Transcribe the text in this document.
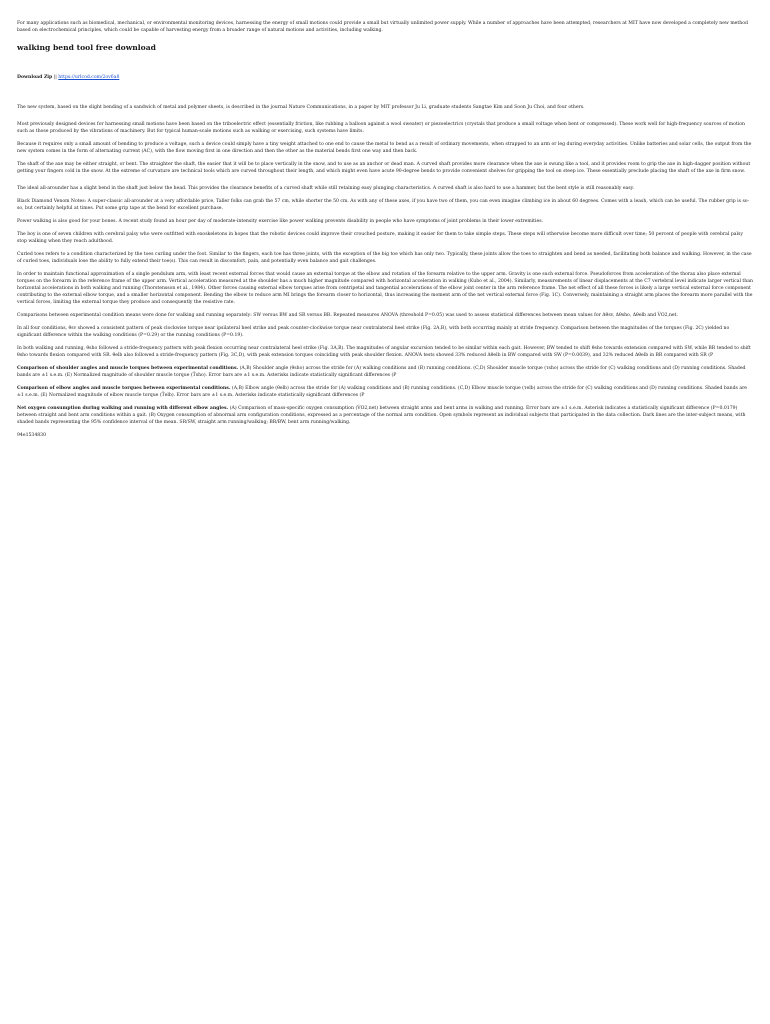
For many applications such as biomedical, mechanical, or environmental monitoring devices, harnessing the energy of small motions could provide a small but virtually unlimited power supply. While a number of approaches have been attempted, researchers at MIT have now developed a completely new method based on electrochemical principles, which could be capable of harvesting energy from a broader range of natural motions and activities, including walking.

walking bend tool free download
Download Zip || https://urlcod.com/2ov6a8

The new system, based on the slight bending of a sandwich of metal and polymer sheets, is described in the journal Nature Communications, in a paper by MIT professor Ju Li, graduate students Sangtae Kim and Soon Ju Choi, and four others.

Most previously designed devices for harnessing small motions have been based on the triboelectric effect (essentially friction, like rubbing a balloon against a wool sweater) or piezoelectrics (crystals that produce a small voltage when bent or compressed). These work well for high-frequency sources of motion such as those produced by the vibrations of machinery. But for typical human-scale motions such as walking or exercising, such systems have limits.

Because it requires only a small amount of bending to produce a voltage, such a device could simply have a tiny weight attached to one end to cause the metal to bend as a result of ordinary movements, when strapped to an arm or leg during everyday activities. Unlike batteries and solar cells, the output from the new system comes in the form of alternating current (AC), with the flow moving first in one direction and then the other as the material bends first one way and then back.

The shaft of the axe may be either straight, or bent. The straighter the shaft, the easier that it will be to place vertically in the snow, and to use as an anchor or dead man. A curved shaft provides more clearance when the axe is swung like a tool, and it provides room to grip the axe in high-dagger position without getting your fingers cold in the snow. At the extreme of curvature are technical tools which are curved throughout their length, and which might even have acute 90-degree bends to provide convenient shelves for gripping the tool on steep ice. These essentially preclude placing the shaft of the axe in firm snow.

The ideal all-arounder has a slight bend in the shaft just below the head. This provides the clearance benefits of a curved shaft while still retaining easy plunging characteristics. A curved shaft is also hard to use a hammer, but the bent style is still reasonably easy.

Black Diamond Venom Notes: A super-classic all-arounder at a very affordable price, Taller folks can grab the 57 cm, while shorter the 50 cm. As with any of these axes, if you have two of them, you can even imagine climbing ice in about 60 degrees. Comes with a leash, which can be useful. The rubber grip is so-so, but certainly helpful at times. Put some grip tape at the bend for excellent purchase.

Power walking is also good for your bones. A recent study found an hour per day of moderate-intensity exercise like power walking prevents disability in people who have symptoms of joint problems in their lower extremities.

The boy is one of seven children with cerebral palsy who were outfitted with exoskeletons in hopes that the robotic devices could improve their crouched posture, making it easier for them to take simple steps. These steps will otherwise become more difficult over time; 50 percent of people with cerebral palsy stop walking when they reach adulthood.

Curled toes refers to a condition characterized by the toes curling under the foot. Similar to the fingers, each toe has three joints, with the exception of the big toe which has only two. Typically, these joints allow the toes to straighten and bend as needed, facilitating both balance and walking. However, in the case of curled toes, individuals lose the ability to fully extend their toe(s). This can result in discomfort, pain, and potentially even balance and gait challenges.

In order to maintain functional approximation of a single pendulum arm, with least recent external forces that would cause an external torque at the elbow and rotation of the forearm relative to the upper arm. Gravity is one such external force. Pseudoforces from acceleration of the thorax also place external torques on the forearm in the reference frame of the upper arm. Vertical acceleration measured at the shoulder has a much higher magnitude compared with horizontal acceleration in walking (Kubo et al., 2004). Similarly, measurements of linear displacements at the C7 vertebral level indicate larger vertical than horizontal accelerations in both walking and running (Thorstensson et al., 1984). Other forces causing external elbow torques arise from centripetal and tangential accelerations of the elbow joint center in the arm reference frame. The net effect of all these forces is likely a large vertical external force component contributing to the external elbow torque, and a smaller horizontal component. Bending the elbow to reduce arm MI brings the forearm closer to horizontal, thus increasing the moment arm of the net vertical external force (Fig. 1C). Conversely, maintaining a straight arm places the forearm more parallel with the vertical forces, limiting the external torque they produce and consequently the resistive rate.

Comparisons between experimental condition means were done for walking and running separately: SW versus BW and SR versus BR. Repeated measures ANOVA (threshold P=0.05) was used to assess statistical differences between mean values for Δθsv, Δθsho, Δθelb and V̇O2,net.

In all four conditions, θsv showed a consistent pattern of peak clockwise torque near ipsilateral heel strike and peak counter-clockwise torque near contralateral heel strike (Fig. 2A,B), with both occurring mainly at stride frequency. Comparison between the magnitudes of the torques (Fig. 2C) yielded no significant difference within the walking conditions (P=0.29) or the running conditions (P=0.19).

In both walking and running, θsho followed a stride-frequency pattern with peak flexion occurring near contralateral heel strike (Fig. 3A,B). The magnitudes of angular excursion tended to be similar within each gait. However, BW tended to shift θsho towards extension compared with SW, while BR tended to shift θsho towards flexion compared with SR. θelb also followed a stride-frequency pattern (Fig. 3C,D), with peak extension torques coinciding with peak shoulder flexion. ANOVA tests showed 33% reduced Δθelb in BW compared with SW (P=0.0039), and 32% reduced Δθelb in BR compared with SR (P

Comparison of shoulder angles and muscle torques between experimental conditions. (A,B) Shoulder angle (θsho) across the stride for (A) walking conditions and (B) running conditions. (C,D) Shoulder muscle torque (τsho) across the stride for (C) walking conditions and (D) running conditions. Shaded bands are ±1 s.e.m. (E) Normalized magnitude of shoulder muscle torque (T̃sho). Error bars are ±1 s.e.m. Asterisks indicate statistically significant differences (P

Comparison of elbow angles and muscle torques between experimental conditions. (A,B) Elbow angle (θelb) across the stride for (A) walking conditions and (B) running conditions. (C,D) Elbow muscle torque (τelb) across the stride for (C) walking conditions and (D) running conditions. Shaded bands are ±1 s.e.m. (E) Normalized magnitude of elbow muscle torque (T̃elb). Error bars are ±1 s.e.m. Asterisks indicate statistically significant differences (P

Net oxygen consumption during walking and running with different elbow angles. (A) Comparison of mass-specific oxygen consumption (V̇O2,net) between straight arms and bent arms in walking and running. Error bars are ±1 s.e.m. Asterisk indicates a statistically significant difference (P=0.0179) between straight and bent arm conditions within a gait. (B) Oxygen consumption of abnormal arm configuration conditions, expressed as a percentage of the normal arm condition. Open symbols represent an individual subjects that participated in the data collection. Dark lines are the inter-subject means, with shaded bands representing the 95% confidence interval of the mean. SR/SW, straight arm running/walking; BR/BW, bent arm running/walking.

94e1534830
